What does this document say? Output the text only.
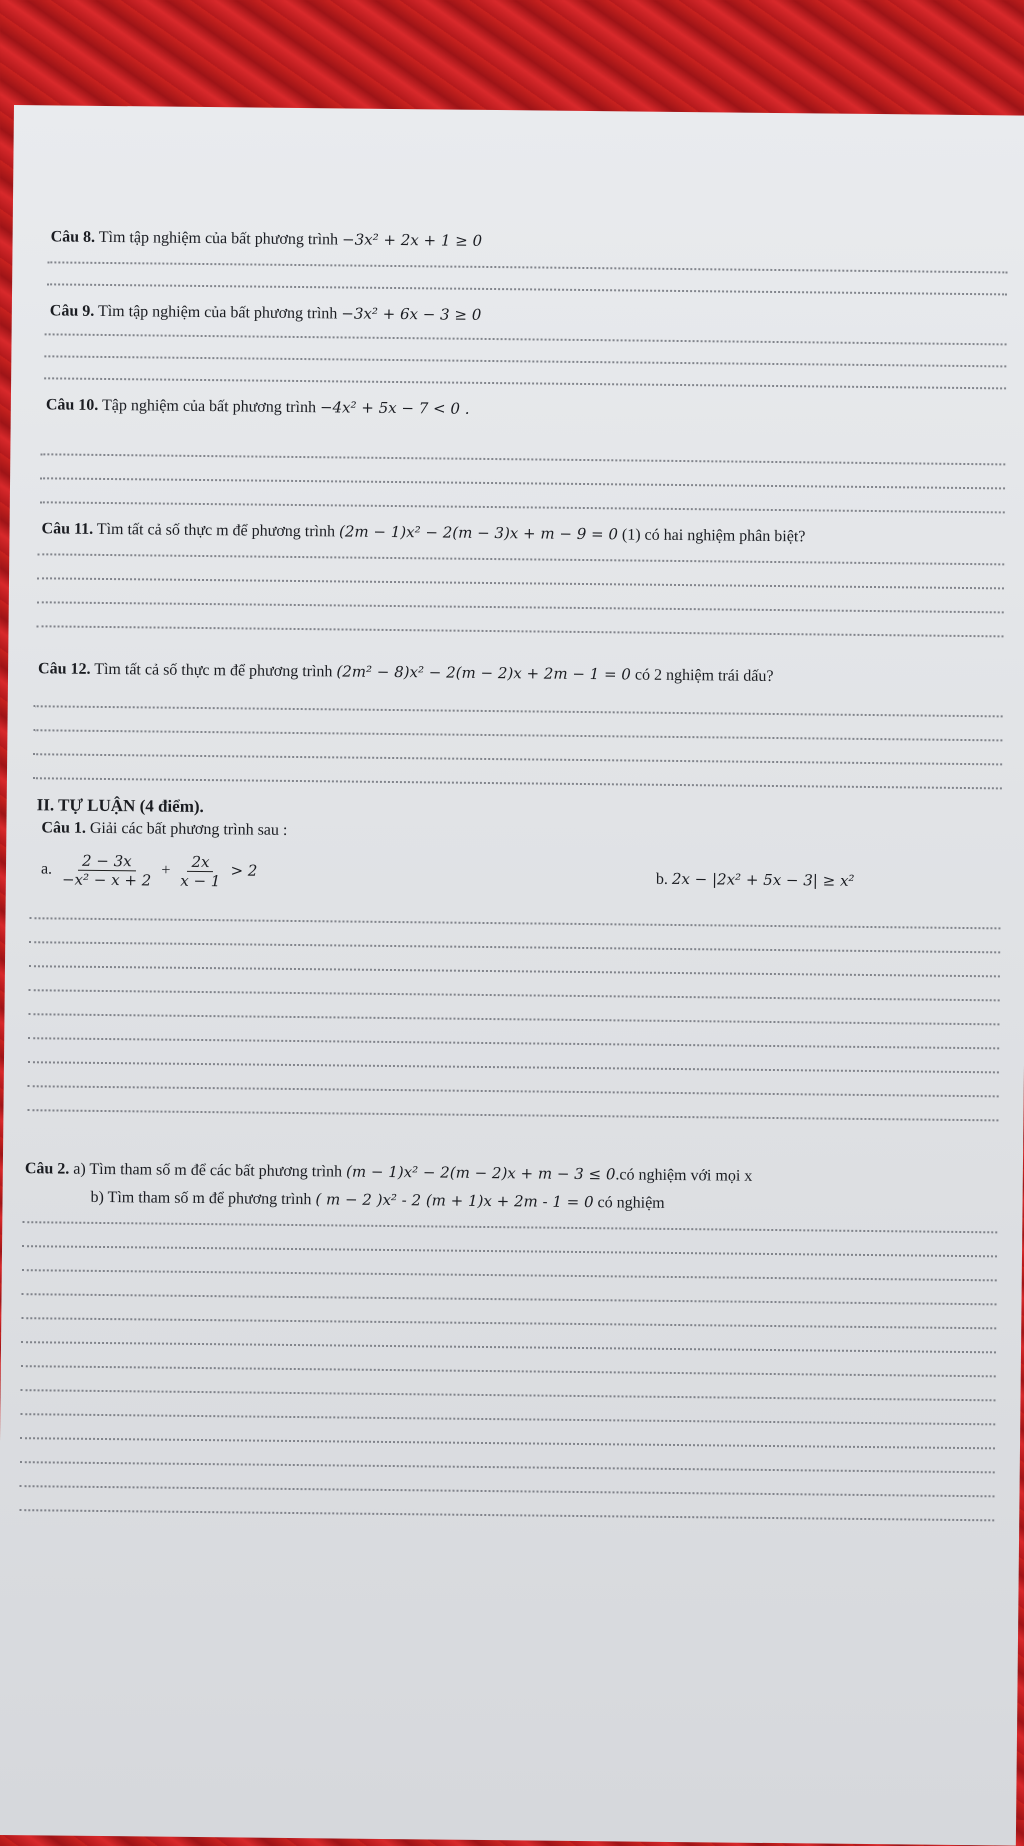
Câu 8. Tìm tập nghiệm của bất phương trình −3x² + 2x + 1 ≥ 0
Câu 9. Tìm tập nghiệm của bất phương trình −3x² + 6x − 3 ≥ 0
Câu 10. Tập nghiệm của bất phương trình −4x² + 5x − 7 < 0 .
Câu 11. Tìm tất cả số thực m để phương trình (2m − 1)x² − 2(m − 3)x + m − 9 = 0 (1) có hai nghiệm phân biệt?
Câu 12. Tìm tất cả số thực m để phương trình (2m² − 8)x² − 2(m − 2)x + 2m − 1 = 0 có 2 nghiệm trái dấu?
II. TỰ LUẬN (4 điểm).
Câu 1. Giải các bất phương trình sau :
a. $\frac{2 - 3x}{\text{−x² − x + 2}} + \frac{2x}{x - 1} > 2$	b. 2x − |2x² + 5x − 3| ≥ x²
Câu 2. a) Tìm tham số m để các bất phương trình (m − 1)x² − 2(m − 2)x + m − 3 ≤ 0.có nghiệm với mọi x
b) Tìm tham số m để phương trình ( m − 2 )x² - 2 (m + 1)x + 2m - 1 = 0 có nghiệm
